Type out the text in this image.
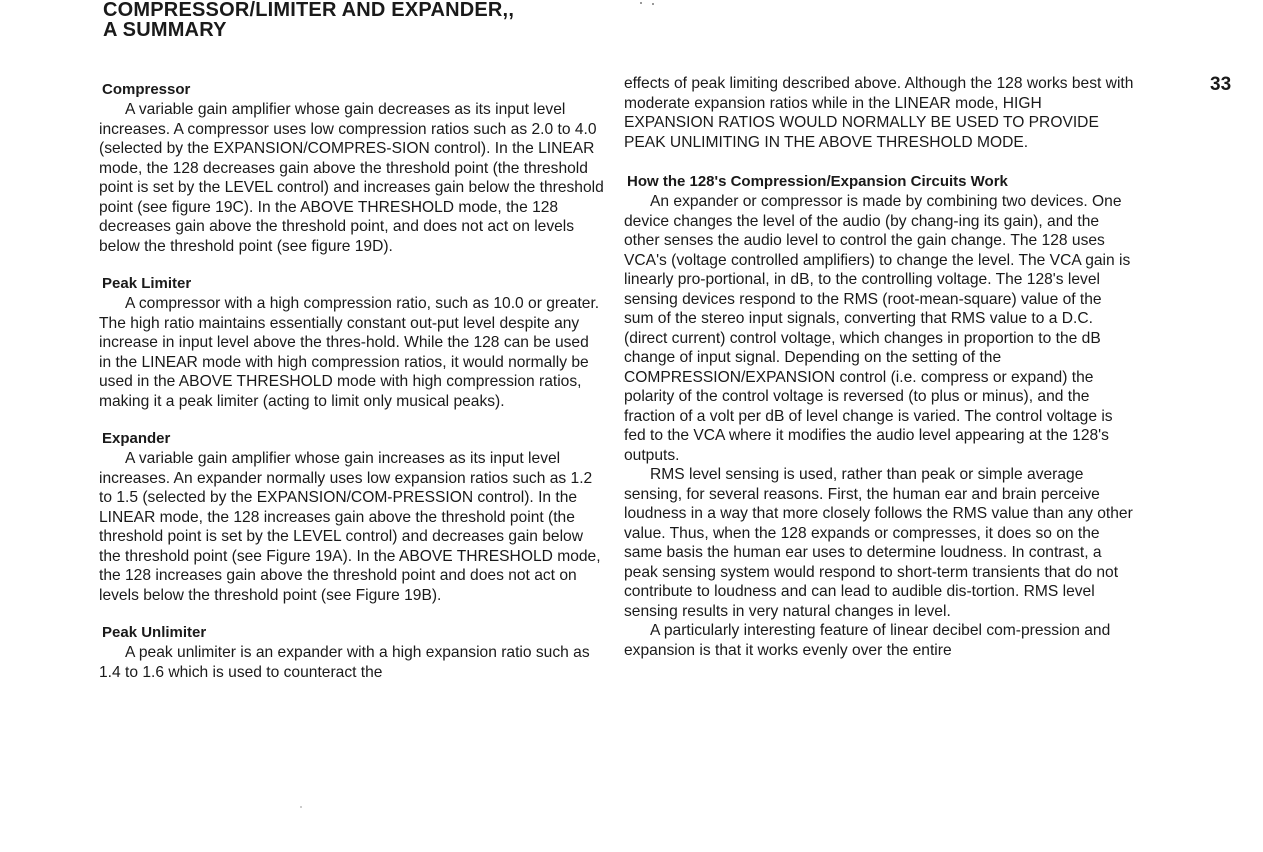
COMPRESSOR/LIMITER AND EXPANDER,,
A SUMMARY
33
Compressor

A variable gain amplifier whose gain decreases as its input level increases. A compressor uses low compression ratios such as 2.0 to 4.0 (selected by the EXPANSION/COMPRES-SION control). In the LINEAR mode, the 128 decreases gain above the threshold point (the threshold point is set by the LEVEL control) and increases gain below the threshold point (see figure 19C). In the ABOVE THRESHOLD mode, the 128 decreases gain above the threshold point, and does not act on levels below the threshold point (see figure 19D).

Peak Limiter

A compressor with a high compression ratio, such as 10.0 or greater. The high ratio maintains essentially constant out-put level despite any increase in input level above the thres-hold. While the 128 can be used in the LINEAR mode with high compression ratios, it would normally be used in the ABOVE THRESHOLD mode with high compression ratios, making it a peak limiter (acting to limit only musical peaks).

Expander

A variable gain amplifier whose gain increases as its input level increases. An expander normally uses low expansion ratios such as 1.2 to 1.5 (selected by the EXPANSION/COM-PRESSION control). In the LINEAR mode, the 128 increases gain above the threshold point (the threshold point is set by the LEVEL control) and decreases gain below the threshold point (see Figure 19A). In the ABOVE THRESHOLD mode, the 128 increases gain above the threshold point and does not act on levels below the threshold point (see Figure 19B).

Peak Unlimiter

A peak unlimiter is an expander with a high expansion ratio such as 1.4 to 1.6 which is used to counteract the

effects of peak limiting described above. Although the 128 works best with moderate expansion ratios while in the LINEAR mode, HIGH EXPANSION RATIOS WOULD NORMALLY BE USED TO PROVIDE PEAK UNLIMITING IN THE ABOVE THRESHOLD MODE.

How the 128's Compression/Expansion Circuits Work

An expander or compressor is made by combining two devices. One device changes the level of the audio (by chang-ing its gain), and the other senses the audio level to control the gain change. The 128 uses VCA's (voltage controlled amplifiers) to change the level. The VCA gain is linearly pro-portional, in dB, to the controlling voltage. The 128's level sensing devices respond to the RMS (root-mean-square) value of the sum of the stereo input signals, converting that RMS value to a D.C. (direct current) control voltage, which changes in proportion to the dB change of input signal. Depending on the setting of the COMPRESSION/EXPANSION control (i.e. compress or expand) the polarity of the control voltage is reversed (to plus or minus), and the fraction of a volt per dB of level change is varied. The control voltage is fed to the VCA where it modifies the audio level appearing at the 128's outputs.

RMS level sensing is used, rather than peak or simple average sensing, for several reasons. First, the human ear and brain perceive loudness in a way that more closely follows the RMS value than any other value. Thus, when the 128 expands or compresses, it does so on the same basis the human ear uses to determine loudness. In contrast, a peak sensing system would respond to short-term transients that do not contribute to loudness and can lead to audible dis-tortion. RMS level sensing results in very natural changes in level.

A particularly interesting feature of linear decibel com-pression and expansion is that it works evenly over the entire
